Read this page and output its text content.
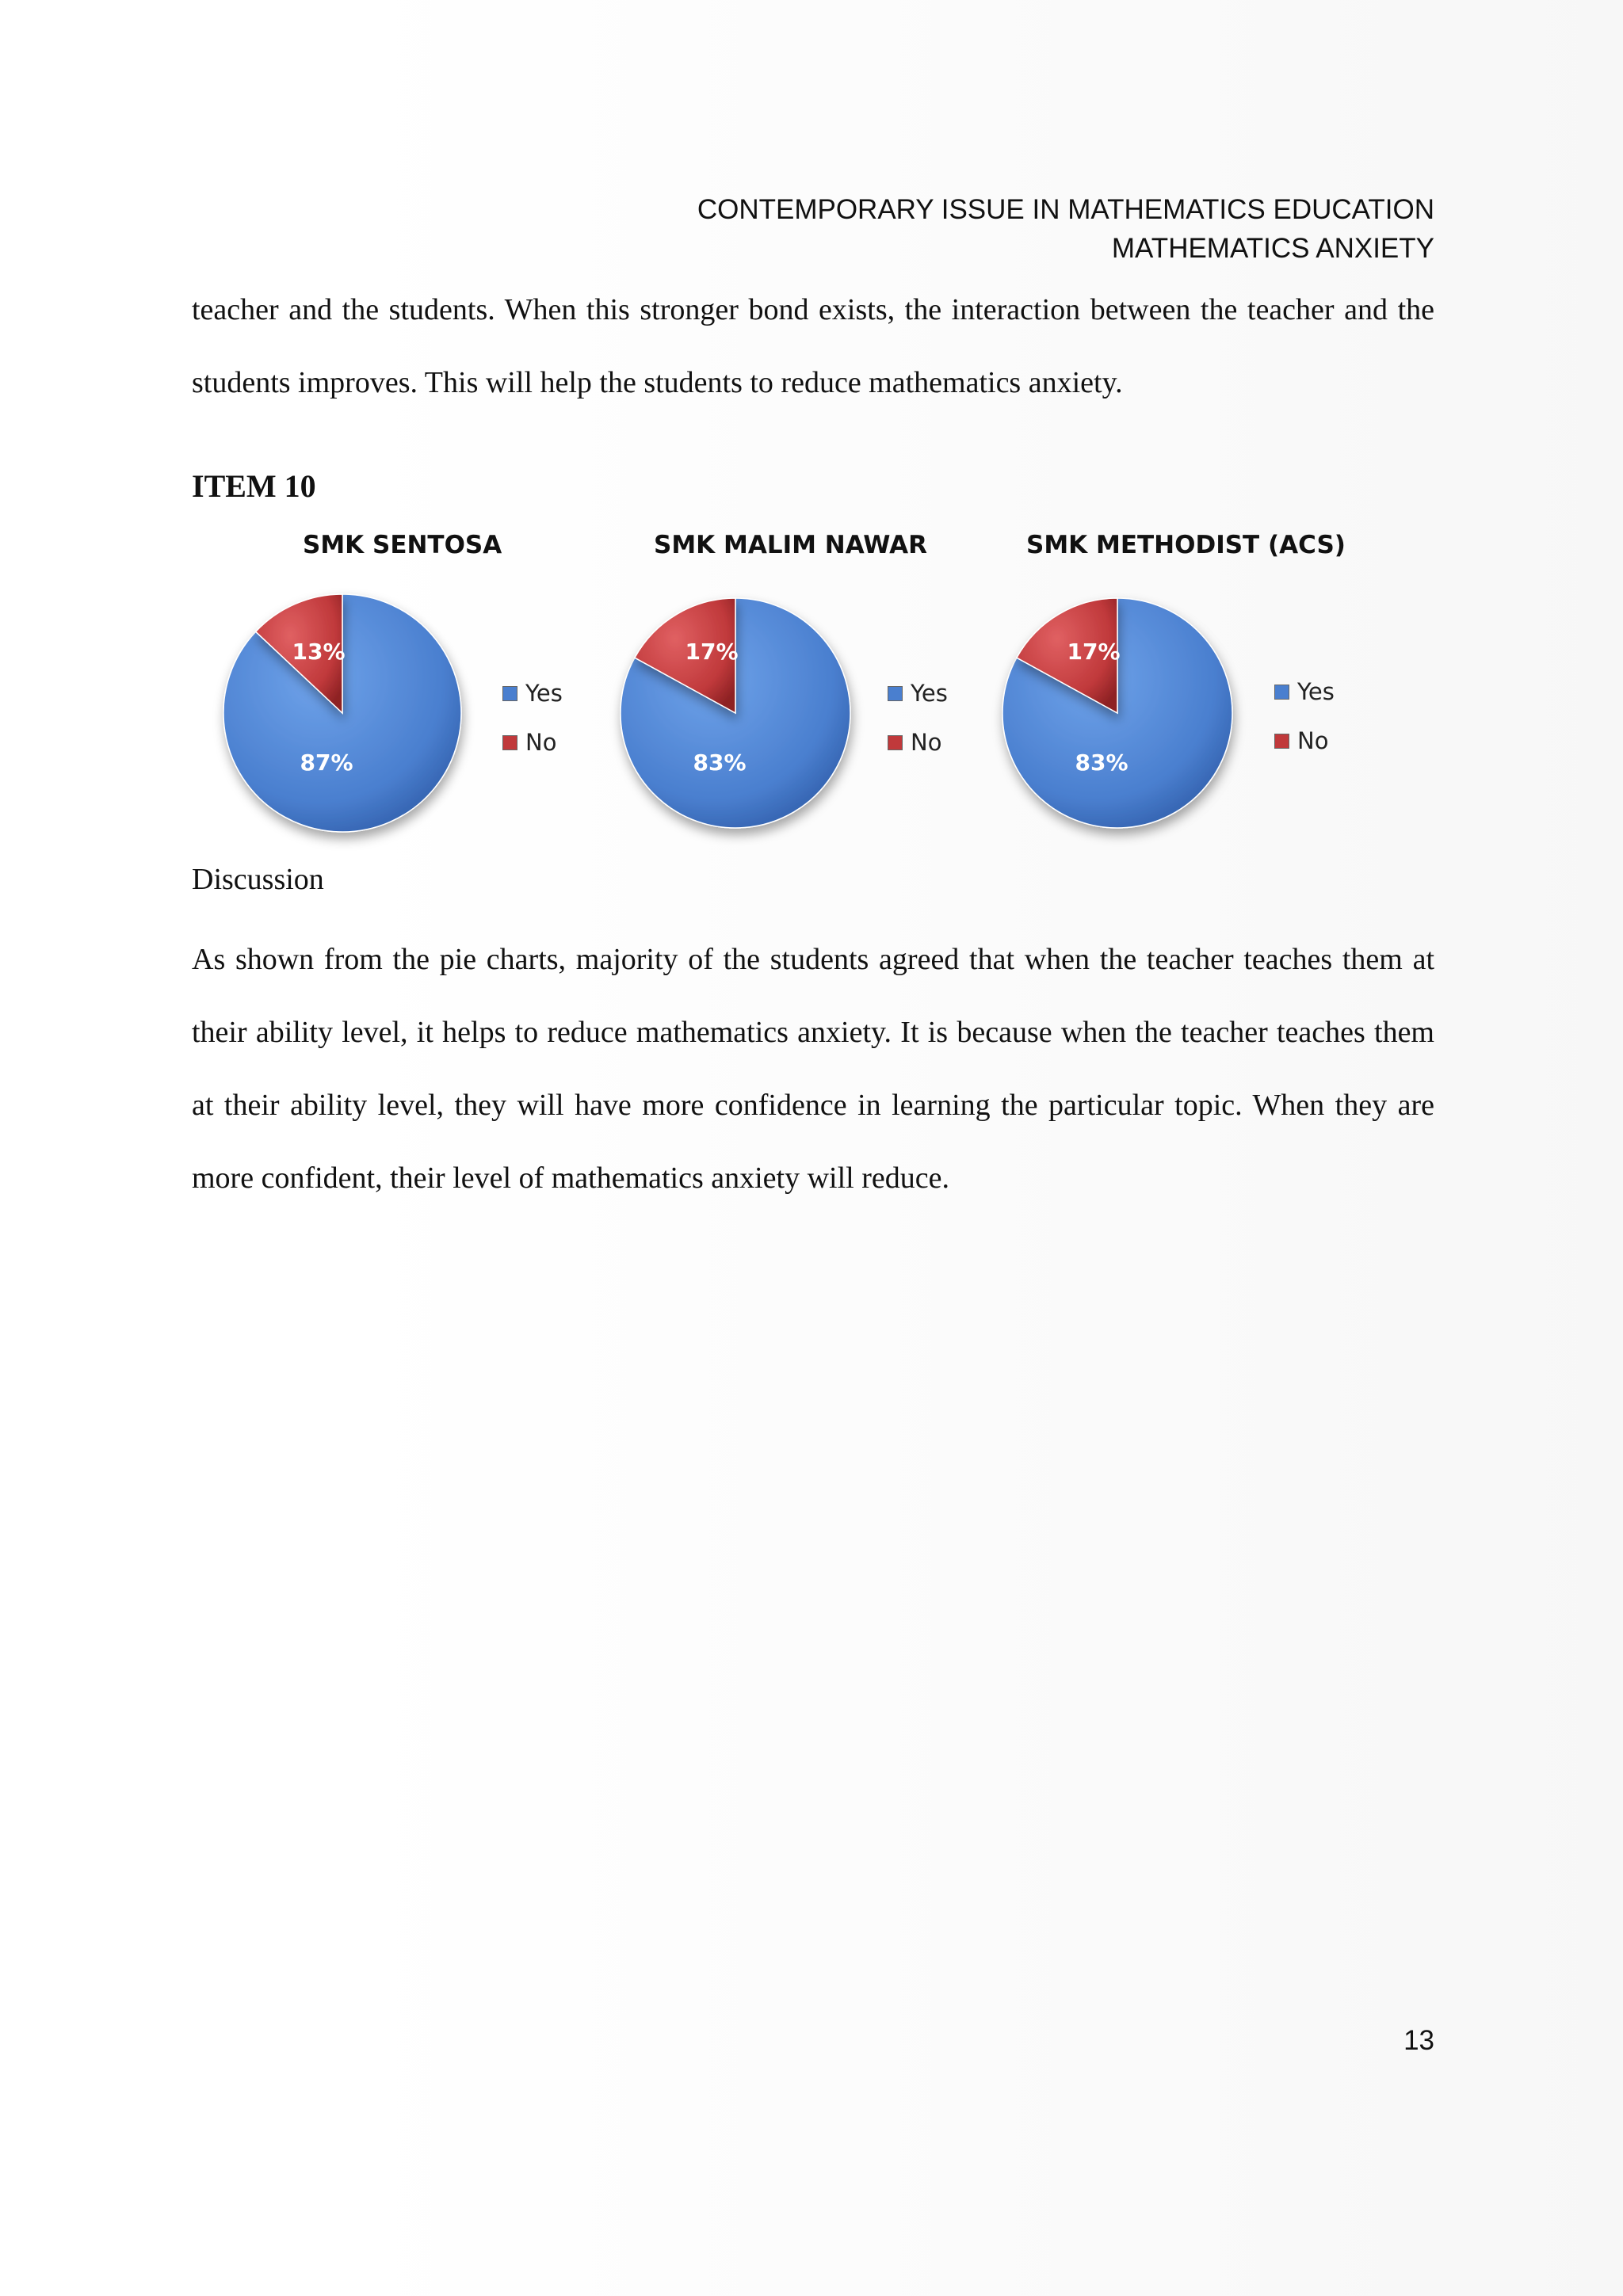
CONTEMPORARY ISSUE IN MATHEMATICS EDUCATION
MATHEMATICS ANXIETY
teacher and the students. When this stronger bond exists, the interaction between the teacher and the students improves. This will help the students to reduce mathematics anxiety.
ITEM 10
SMK SENTOSA
87%
13%
Yes
No
SMK MALIM NAWAR
83%
17%
Yes
No
SMK METHODIST (ACS)
83%
17%
Yes
No
Discussion
As shown from the pie charts, majority of the students agreed that when the teacher teaches them at their ability level, it helps to reduce mathematics anxiety. It is because when the teacher teaches them at their ability level, they will have more confidence in learning the particular topic. When they are more confident, their level of mathematics anxiety will reduce.
13
